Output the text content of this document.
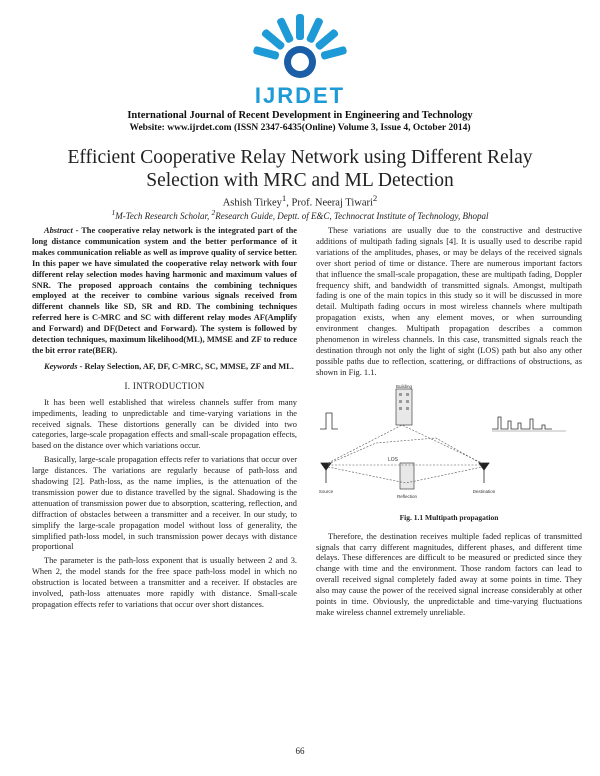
IJRDET
International Journal of Recent Development in Engineering and Technology
Website: www.ijrdet.com (ISSN 2347-6435(Online) Volume 3, Issue 4, October 2014)
Efficient Cooperative Relay Network using Different Relay
Selection with MRC and ML Detection
Ashish Tirkey$^1$, Prof. Neeraj Tiwari$^2$
$^1$M-Tech Research Scholar, $^2$Research Guide, Deptt. of E&C, Technocrat Institute of Technology, Bhopal
Abstract - The cooperative relay network is the integrated part of the long distance communication system and the better performance of it makes communication reliable as well as improve quality of service better. In this paper we have simulated the cooperative relay network with four different relay selection modes having harmonic and maximum values of SNR. The proposed approach contains the combining techniques employed at the receiver to combine various signals received from different channels like SD, SR and RD. The combining techniques referred here is C-MRC and SC with different relay modes AF(Amplify and Forward) and DF(Detect and Forward). The system is followed by detection techniques, maximum likelihood(ML), MMSE and ZF to reduce the bit error rate(BER).
Keywords - Relay Selection, AF, DF, C-MRC, SC, MMSE, ZF and ML.
I. INTRODUCTION

It has been well established that wireless channels suffer from many impediments, leading to unpredictable and time-varying variations in the received signals. These distortions generally can be divided into two categories, large-scale propagation effects and small-scale propagation effects, based on the distance over which variations occur.

Basically, large-scale propagation effects refer to variations that occur over large distances. The variations are regularly because of path-loss and shadowing [2]. Path-loss, as the name implies, is the attenuation of the transmission power due to distance travelled by the signal. Shadowing is the attenuation of transmission power due to absorption, scattering, reflection, and diffraction of obstacles between a transmitter and a receiver. In our study, to simplify the large-scale propagation model without loss of generality, the simplified path-loss model, in such transmission power decays with distance proportional

The parameter is the path-loss exponent that is usually between 2 and 3. When 2, the model stands for the free space path-loss model in which no obstruction is located between a transmitter and a receiver. If obstacles are involved, path-loss attenuates more rapidly with distance. Small-scale propagation effects refer to variations that occur over short distances.

These variations are usually due to the constructive and destructive additions of multipath fading signals [4]. It is usually used to describe rapid variations of the amplitudes, phases, or may be delays of the received signals over short period of time or distance. There are numerous important factors that influence the small-scale propagation, these are multipath fading, Doppler frequency shift, and bandwidth of transmitted signals. Amongst, multipath fading is one of the main topics in this study so it will be discussed in more detail. Multipath fading occurs in most wireless channels where multipath propagation exists, when any element moves, or when surrounding environment changes. Multipath propagation describes a common phenomenon in wireless channels. In this case, transmitted signals reach the destination through not only the light of sight (LOS) path but also any other possible paths due to reflection, scattering, or diffractions of obstructions, as shown in Fig. 1.1.

Building
Source	Destination
LOS
Reflection
Fig. 1.1 Multipath propagation

Therefore, the destination receives multiple faded replicas of transmitted signals that carry different magnitudes, different phases, and different time delays. These differences are difficult to be measured or predicted since they change with time and the environment. Those random factors can lead to overall received signal completely faded away at some points in time. They also may cause the power of the received signal increase considerably at other points in time. Obviously, the unpredictable and time-varying fluctuations make wireless channel extremely unreliable.

66
